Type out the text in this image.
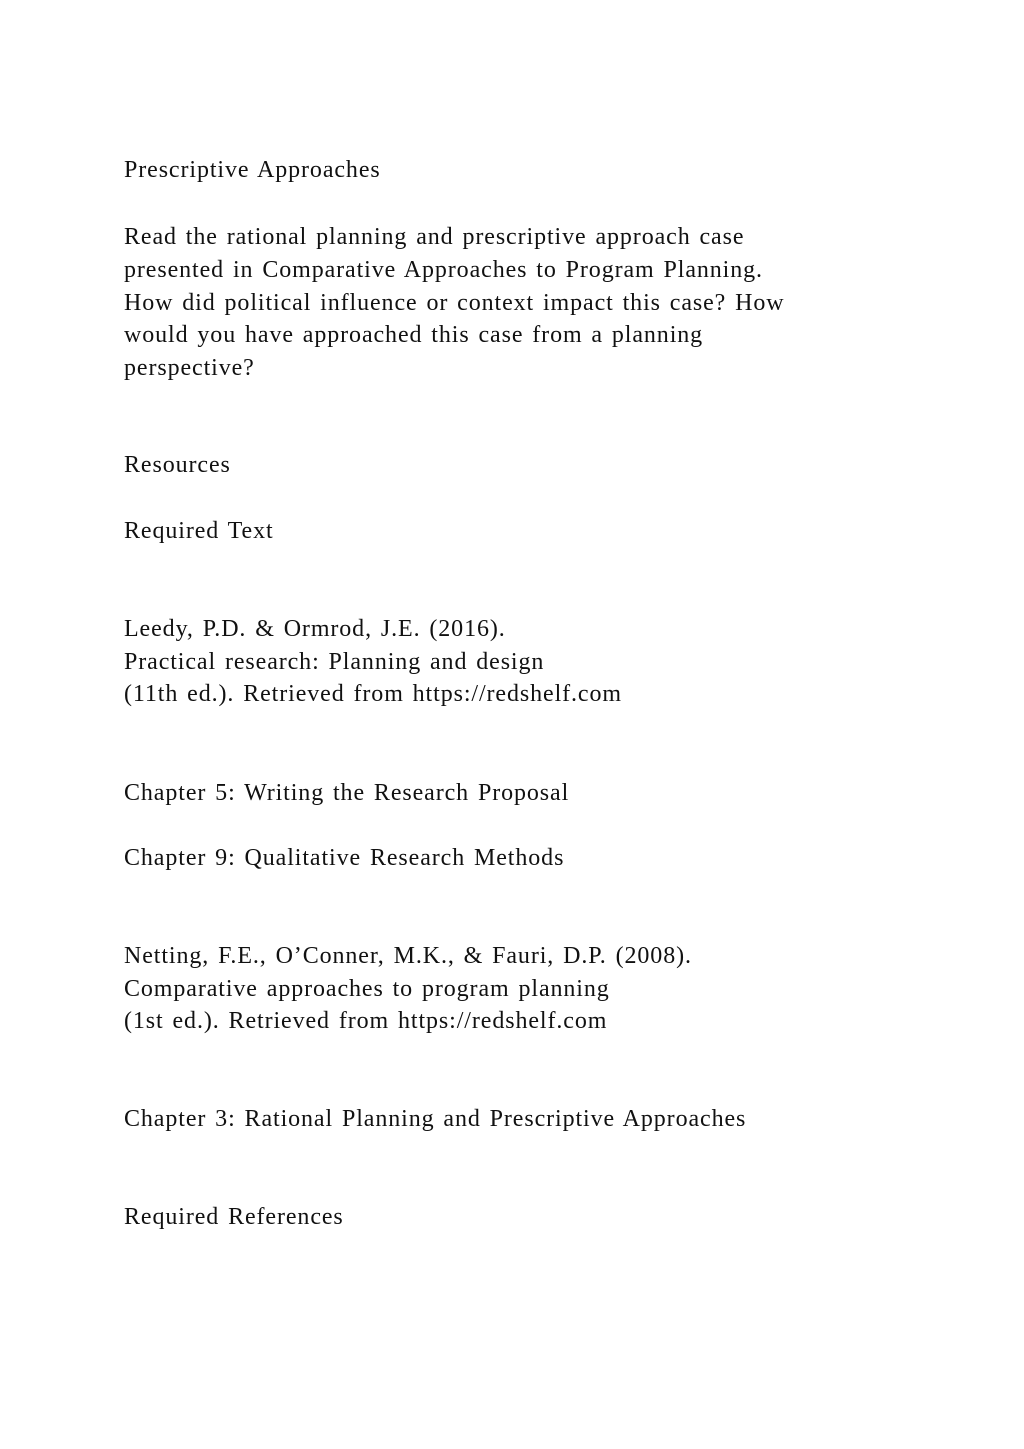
Prescriptive Approaches

Read the rational planning and prescriptive approach case

presented in Comparative Approaches to Program Planning.

How did political influence or context impact this case? How

would you have approached this case from a planning

perspective?

Resources

Required Text

Leedy, P.D. & Ormrod, J.E. (2016).

Practical research: Planning and design

(11th ed.). Retrieved from https://redshelf.com

Chapter 5: Writing the Research Proposal

Chapter 9: Qualitative Research Methods

Netting, F.E., O’Conner, M.K., & Fauri, D.P. (2008).

Comparative approaches to program planning

(1st ed.). Retrieved from https://redshelf.com

Chapter 3: Rational Planning and Prescriptive Approaches

Required References
